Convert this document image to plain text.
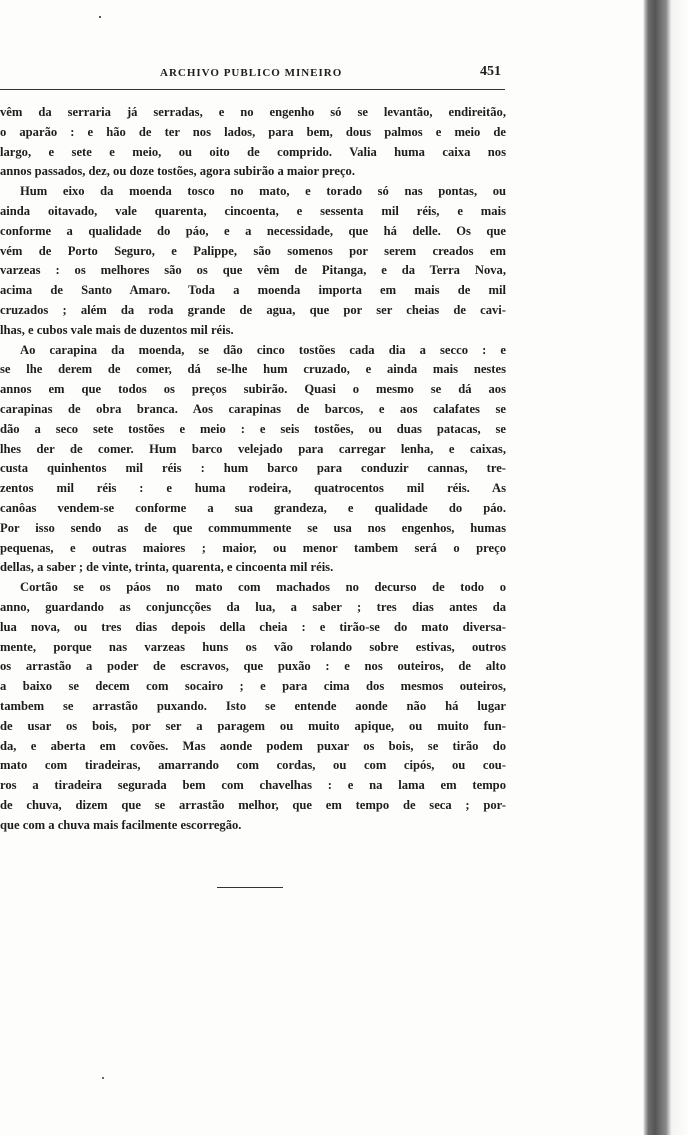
ARCHIVO PUBLICO MINEIRO	451

vêm da serraria já serradas, e no engenho só se levantão, endireitão,
o aparão : e hão de ter nos lados, para bem, dous palmos e meio de
largo, e sete e meio, ou oito de comprido. Valia huma caixa nos
annos passados, dez, ou doze tostões, agora subirão a maior preço.

Hum eixo da moenda tosco no mato, e torado só nas pontas, ou
ainda oitavado, vale quarenta, cincoenta, e sessenta mil réis, e mais
conforme a qualidade do páo, e a necessidade, que há delle. Os que
vém de Porto Seguro, e Palippe, são somenos por serem creados em
varzeas : os melhores são os que vêm de Pitanga, e da Terra Nova,
acima de Santo Amaro. Toda a moenda importa em mais de mil
cruzados ; além da roda grande de agua, que por ser cheias de cavi-
lhas, e cubos vale mais de duzentos mil réis.

Ao carapina da moenda, se dão cinco tostões cada dia a secco : e
se lhe derem de comer, dá se-lhe hum cruzado, e ainda mais nestes
annos em que todos os preços subirão. Quasi o mesmo se dá aos
carapinas de obra branca. Aos carapinas de barcos, e aos calafates se
dão a seco sete tostões e meio : e seis tostões, ou duas patacas, se
lhes der de comer. Hum barco velejado para carregar lenha, e caixas,
custa quinhentos mil réis : hum barco para conduzir cannas, tre-
zentos mil réis : e huma rodeira, quatrocentos mil réis. As
canôas vendem-se conforme a sua grandeza, e qualidade do páo.
Por isso sendo as de que commummente se usa nos engenhos, humas
pequenas, e outras maiores ; maior, ou menor tambem será o preço
dellas, a saber ; de vinte, trinta, quarenta, e cincoenta mil réis.

Cortão se os páos no mato com machados no decurso de todo o
anno, guardando as conjuncções da lua, a saber ; tres dias antes da
lua nova, ou tres dias depois della cheia : e tirão-se do mato diversa-
mente, porque nas varzeas huns os vão rolando sobre estivas, outros
os arrastão a poder de escravos, que puxão : e nos outeiros, de alto
a baixo se decem com socairo ; e para cima dos mesmos outeiros,
tambem se arrastão puxando. Isto se entende aonde não há lugar
de usar os bois, por ser a paragem ou muito apique, ou muito fun-
da, e aberta em covões. Mas aonde podem puxar os bois, se tirão do
mato com tiradeiras, amarrando com cordas, ou com cipós, ou cou-
ros a tiradeira segurada bem com chavelhas : e na lama em tempo
de chuva, dizem que se arrastão melhor, que em tempo de seca ; por-
que com a chuva mais facilmente escorregão.
